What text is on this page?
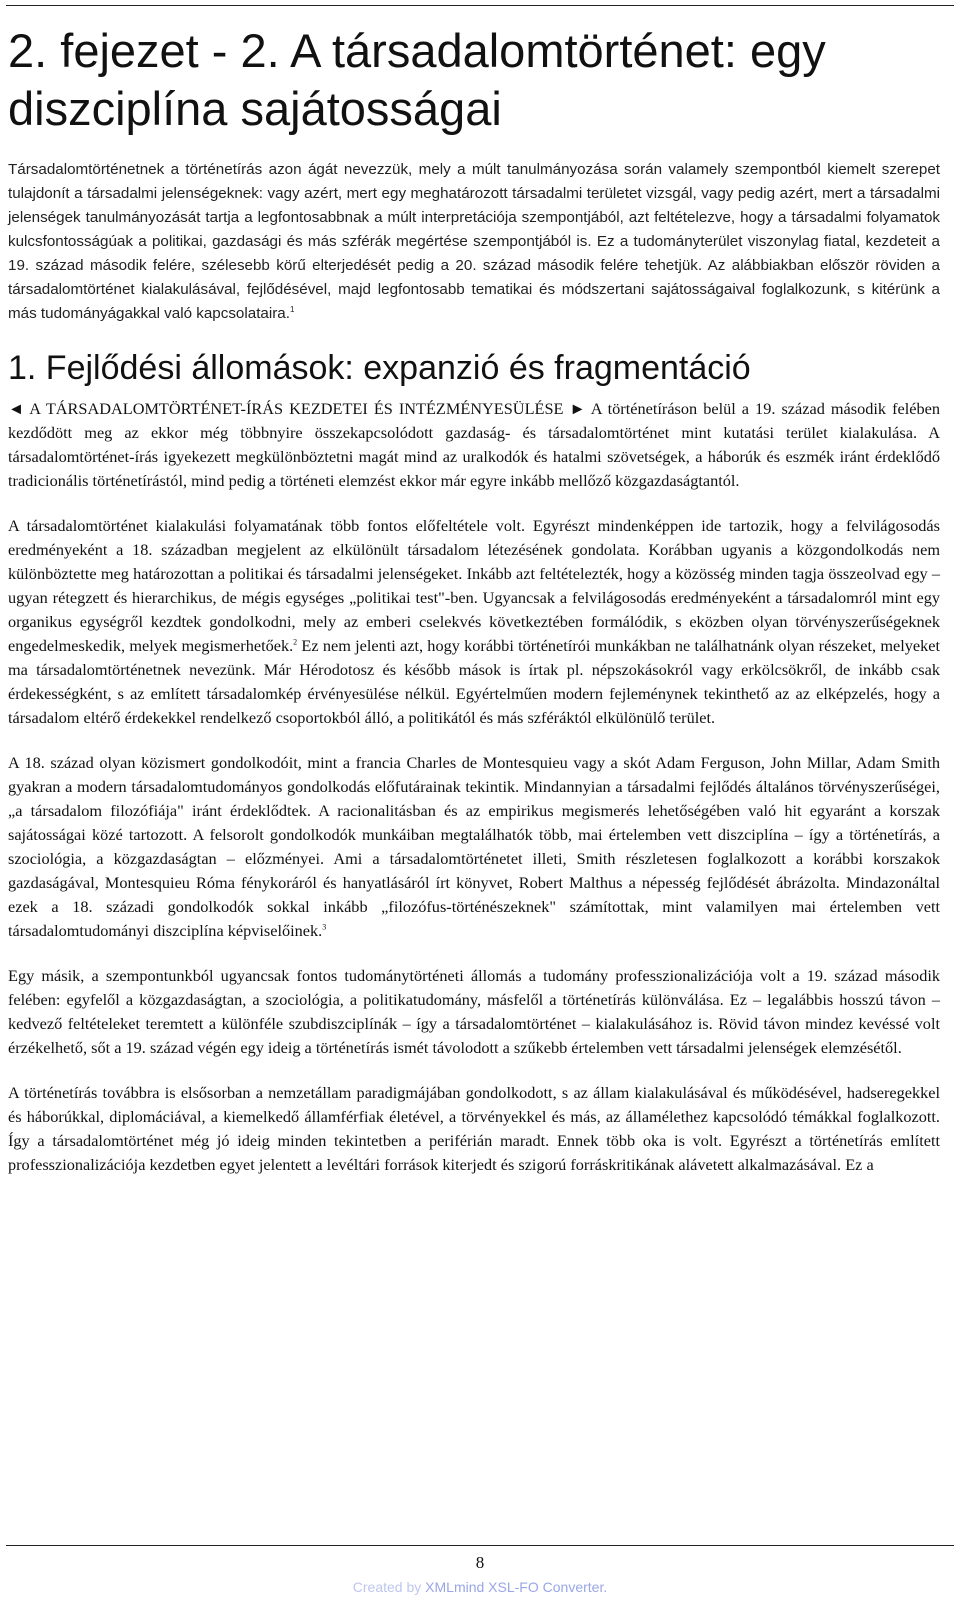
2. fejezet - 2. A társadalomtörténet: egy diszciplína sajátosságai

Társadalomtörténetnek a történetírás azon ágát nevezzük, mely a múlt tanulmányozása során valamely szempontból kiemelt szerepet tulajdonít a társadalmi jelenségeknek: vagy azért, mert egy meghatározott társadalmi területet vizsgál, vagy pedig azért, mert a társadalmi jelenségek tanulmányozását tartja a legfontosabbnak a múlt interpretációja szempontjából, azt feltételezve, hogy a társadalmi folyamatok kulcsfontosságúak a politikai, gazdasági és más szférák megértése szempontjából is. Ez a tudományterület viszonylag fiatal, kezdeteit a 19. század második felére, szélesebb körű elterjedését pedig a 20. század második felére tehetjük. Az alábbiakban először röviden a társadalomtörténet kialakulásával, fejlődésével, majd legfontosabb tematikai és módszertani sajátosságaival foglalkozunk, s kitérünk a más tudományágakkal való kapcsolataira.$^1$

1. Fejlődési állomások: expanzió és fragmentáció

◄ A TÁRSADALOMTÖRTÉNET-ÍRÁS KEZDETEI ÉS INTÉZMÉNYESÜLÉSE ► A történetíráson belül a 19. század második felében kezdődött meg az ekkor még többnyire összekapcsolódott gazdaság- és társadalomtörténet mint kutatási terület kialakulása. A társadalomtörténet-írás igyekezett megkülönböztetni magát mind az uralkodók és hatalmi szövetségek, a háborúk és eszmék iránt érdeklődő tradicionális történetírástól, mind pedig a történeti elemzést ekkor már egyre inkább mellőző közgazdaságtantól.

A társadalomtörténet kialakulási folyamatának több fontos előfeltétele volt. Egyrészt mindenképpen ide tartozik, hogy a felvilágosodás eredményeként a 18. században megjelent az elkülönült társadalom létezésének gondolata. Korábban ugyanis a közgondolkodás nem különböztette meg határozottan a politikai és társadalmi jelenségeket. Inkább azt feltételezték, hogy a közösség minden tagja összeolvad egy – ugyan rétegzett és hierarchikus, de mégis egységes „politikai test"-ben. Ugyancsak a felvilágosodás eredményeként a társadalomról mint egy organikus egységről kezdtek gondolkodni, mely az emberi cselekvés következtében formálódik, s eközben olyan törvényszerűségeknek engedelmeskedik, melyek megismerhetőek.$^2$ Ez nem jelenti azt, hogy korábbi történetírói munkákban ne találhatnánk olyan részeket, melyeket ma társadalomtörténetnek nevezünk. Már Hérodotosz és később mások is írtak pl. népszokásokról vagy erkölcsökről, de inkább csak érdekességként, s az említett társadalomkép érvényesülése nélkül. Egyértelműen modern fejleménynek tekinthető az az elképzelés, hogy a társadalom eltérő érdekekkel rendelkező csoportokból álló, a politikától és más szféráktól elkülönülő terület.

A 18. század olyan közismert gondolkodóit, mint a francia Charles de Montesquieu vagy a skót Adam Ferguson, John Millar, Adam Smith gyakran a modern társadalomtudományos gondolkodás előfutárainak tekintik. Mindannyian a társadalmi fejlődés általános törvényszerűségei, „a társadalom filozófiája" iránt érdeklődtek. A racionalitásban és az empirikus megismerés lehetőségében való hit egyaránt a korszak sajátosságai közé tartozott. A felsorolt gondolkodók munkáiban megtalálhatók több, mai értelemben vett diszciplína – így a történetírás, a szociológia, a közgazdaságtan – előzményei. Ami a társadalomtörténetet illeti, Smith részletesen foglalkozott a korábbi korszakok gazdaságával, Montesquieu Róma fénykoráról és hanyatlásáról írt könyvet, Robert Malthus a népesség fejlődését ábrázolta. Mindazonáltal ezek a 18. századi gondolkodók sokkal inkább „filozófus-történészeknek" számítottak, mint valamilyen mai értelemben vett társadalomtudományi diszciplína képviselőinek.$^3$

Egy másik, a szempontunkból ugyancsak fontos tudománytörténeti állomás a tudomány professzionalizációja volt a 19. század második felében: egyfelől a közgazdaságtan, a szociológia, a politikatudomány, másfelől a történetírás különválása. Ez – legalábbis hosszú távon – kedvező feltételeket teremtett a különféle szubdiszciplínák – így a társadalomtörténet – kialakulásához is. Rövid távon mindez kevéssé volt érzékelhető, sőt a 19. század végén egy ideig a történetírás ismét távolodott a szűkebb értelemben vett társadalmi jelenségek elemzésétől.

A történetírás továbbra is elsősorban a nemzetállam paradigmájában gondolkodott, s az állam kialakulásával és működésével, hadseregekkel és háborúkkal, diplomáciával, a kiemelkedő államférfiak életével, a törvényekkel és más, az államélethez kapcsolódó témákkal foglalkozott. Így a társadalomtörténet még jó ideig minden tekintetben a periférián maradt. Ennek több oka is volt. Egyrészt a történetírás említett professzionalizációja kezdetben egyet jelentett a levéltári források kiterjedt és szigorú forráskritikának alávetett alkalmazásával. Ez a

8
Created by XMLmind XSL-FO Converter.
